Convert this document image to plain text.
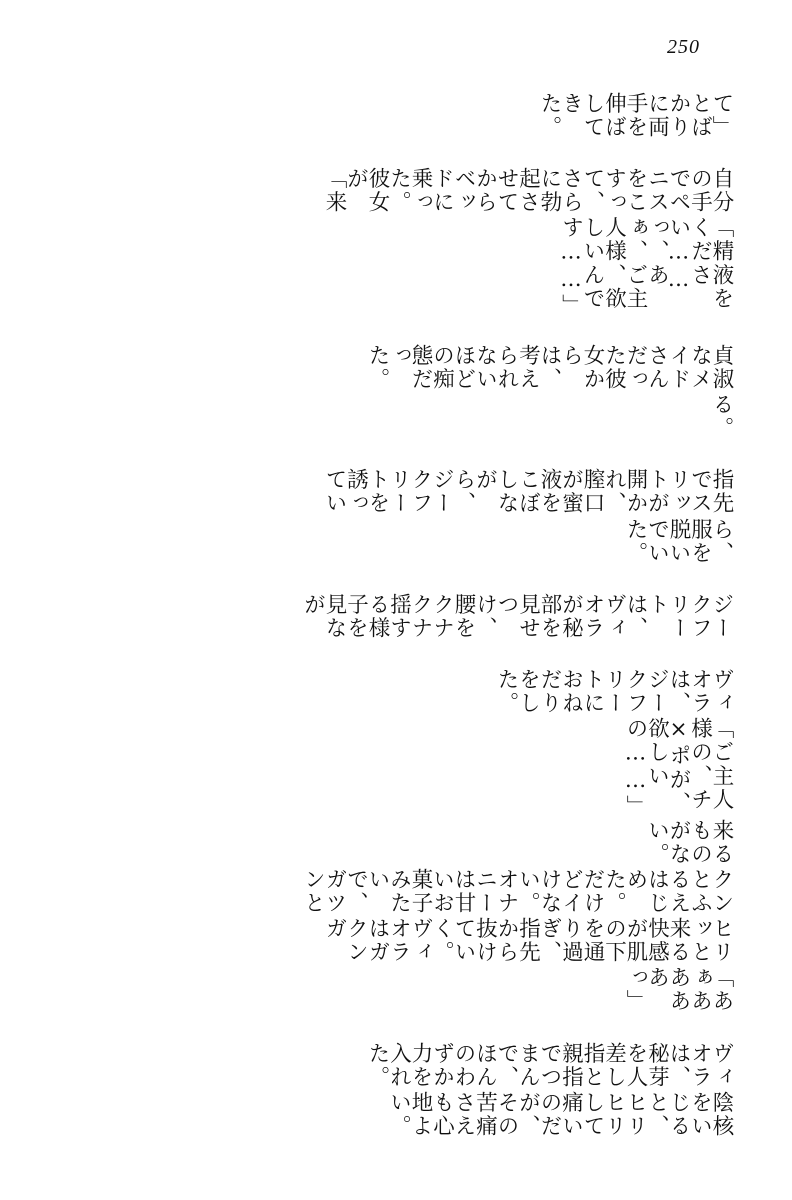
250
陰核をいじると、ヒリヒリして痛いのだが、その苦痛さえも心地よい。
ヴィオラは、秘芽を人差し指と親指でつまんで、ほんのわずか力を入れた。
「あぁああああっ」
ヒリッと来る快感が肌の下を通り過ぎ、指先から抜けていく。ヴィオラはガクンガ
クンとふるえはじめた。だけどイけない。オナニーは甘いお菓子みたいで、ガツンと
来るものがない。
「ご主人様の、チ×ポが、欲しいの……」
ヴィオラは、ジークフリートにおねだりをした。
ジークフリートは、ヴィオラが秘部を見せつけ、腰をクナクナ揺する様子を見なが
ら、服を脱いでいた。
指先でスリットが開かれ、膣口が蜜液をこぼしながら、ジークフリートを誘ってい
る。
貞淑なメイドさんだった彼女からは、考えられないほどの痴態だった。
「精液をください……っ、あぁ、ご主人様、欲しいんです……」
自分の手でペニスをこすって、さらに勃起させてからベッドに乗った。彼女が「来
て」とばかりに両手を伸ばしてきた。
